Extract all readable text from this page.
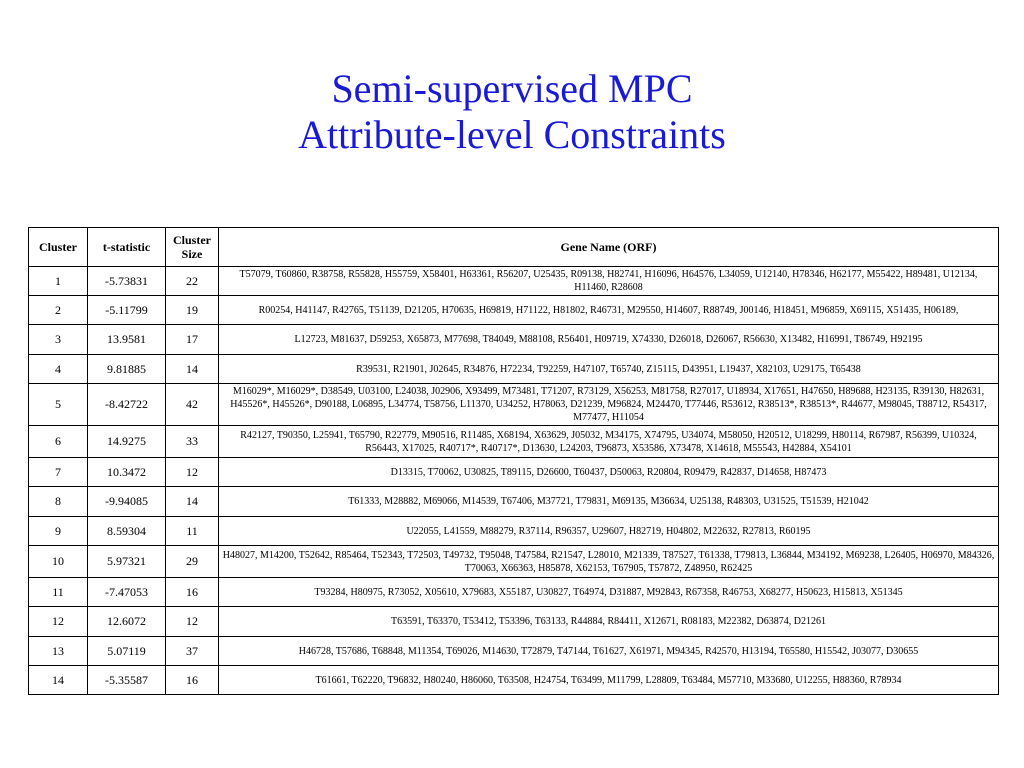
Semi-supervised MPC
Attribute-level Constraints
Cluster	t-statistic	Cluster Size	Gene Name (ORF)
1	-5.73831	22	T57079, T60860, R38758, R55828, H55759, X58401, H63361, R56207, U25435, R09138, H82741, H16096, H64576, L34059, U12140, H78346, H62177, M55422, H89481, U12134, H11460, R28608
2	-5.11799	19	R00254, H41147, R42765, T51139, D21205, H70635, H69819, H71122, H81802, R46731, M29550, H14607, R88749, J00146, H18451, M96859, X69115, X51435, H06189,
3	13.9581	17	L12723, M81637, D59253, X65873, M77698, T84049, M88108, R56401, H09719, X74330, D26018, D26067, R56630, X13482, H16991, T86749, H92195
4	9.81885	14	R39531, R21901, J02645, R34876, H72234, T92259, H47107, T65740, Z15115, D43951, L19437, X82103, U29175, T65438
5	-8.42722	42	M16029*, M16029*, D38549, U03100, L24038, J02906, X93499, M73481, T71207, R73129, X56253, M81758, R27017, U18934, X17651, H47650, H89688, H23135, R39130, H82631, H45526*, H45526*, D90188, L06895, L34774, T58756, L11370, U34252, H78063, D21239, M96824, M24470, T77446, R53612, R38513*, R38513*, R44677, M98045, T88712, R54317, M77477, H11054
6	14.9275	33	R42127, T90350, L25941, T65790, R22779, M90516, R11485, X68194, X63629, J05032, M34175, X74795, U34074, M58050, H20512, U18299, H80114, R67987, R56399, U10324, R56443, X17025, R40717*, R40717*, D13630, L24203, T96873, X53586, X73478, X14618, M55543, H42884, X54101
7	10.3472	12	D13315, T70062, U30825, T89115, D26600, T60437, D50063, R20804, R09479, R42837, D14658, H87473
8	-9.94085	14	T61333, M28882, M69066, M14539, T67406, M37721, T79831, M69135, M36634, U25138, R48303, U31525, T51539, H21042
9	8.59304	11	U22055, L41559, M88279, R37114, R96357, U29607, H82719, H04802, M22632, R27813, R60195
10	5.97321	29	H48027, M14200, T52642, R85464, T52343, T72503, T49732, T95048, T47584, R21547, L28010, M21339, T87527, T61338, T79813, L36844, M34192, M69238, L26405, H06970, M84326, T70063, X66363, H85878, X62153, T67905, T57872, Z48950, R62425
11	-7.47053	16	T93284, H80975, R73052, X05610, X79683, X55187, U30827, T64974, D31887, M92843, R67358, R46753, X68277, H50623, H15813, X51345
12	12.6072	12	T63591, T63370, T53412, T53396, T63133, R44884, R84411, X12671, R08183, M22382, D63874, D21261
13	5.07119	37	H46728, T57686, T68848, M11354, T69026, M14630, T72879, T47144, T61627, X61971, M94345, R42570, H13194, T65580, H15542, J03077, D30655
14	-5.35587	16	T61661, T62220, T96832, H80240, H86060, T63508, H24754, T63499, M11799, L28809, T63484, M57710, M33680, U12255, H88360, R78934
